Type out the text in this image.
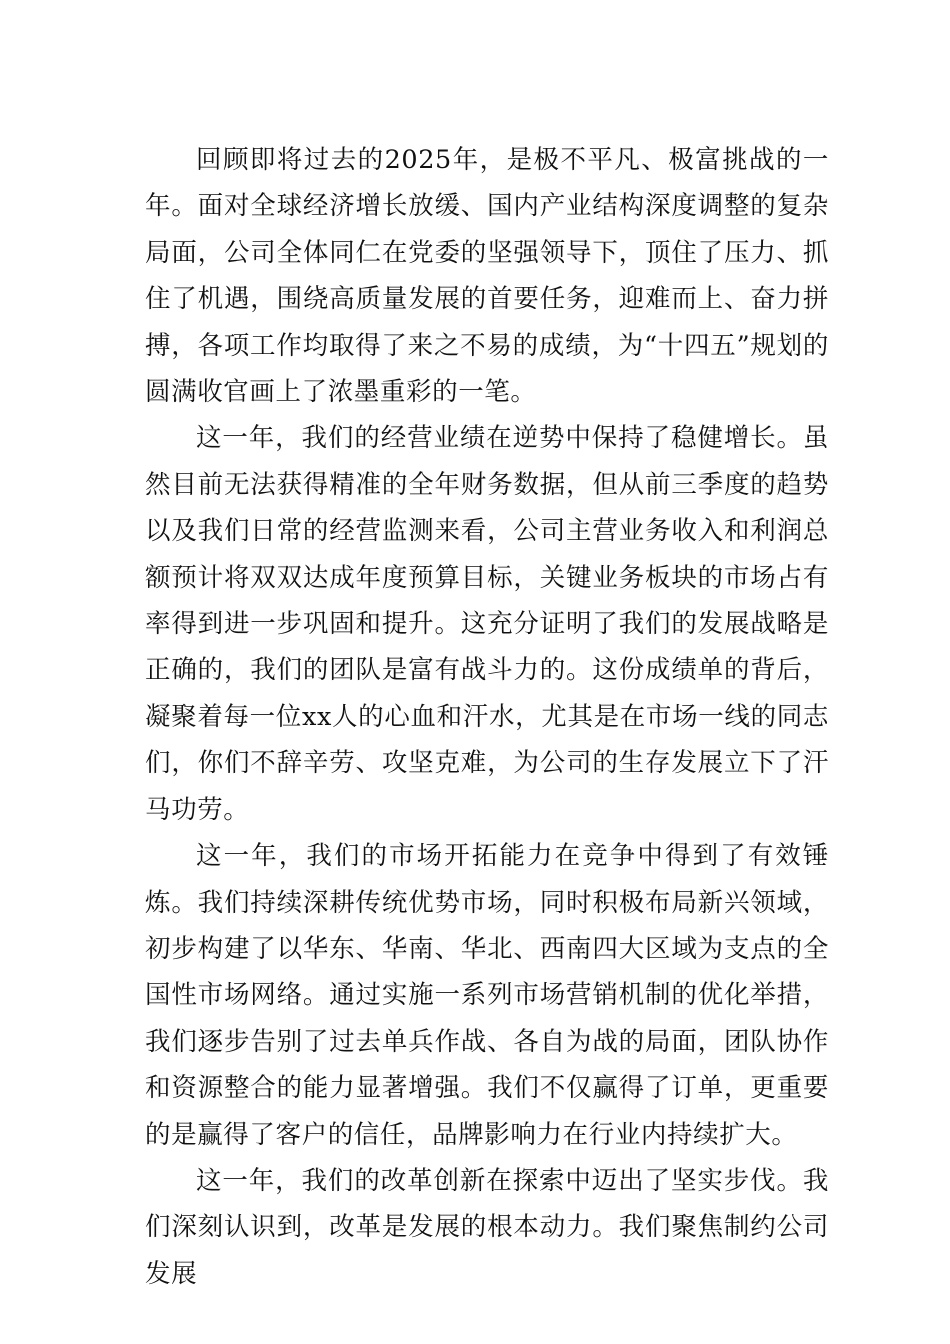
回顾即将过去的2025年，是极不平凡、极富挑战的一年。面对全球经济增长放缓、国内产业结构深度调整的复杂局面，公司全体同仁在党委的坚强领导下，顶住了压力、抓住了机遇，围绕高质量发展的首要任务，迎难而上、奋力拼搏，各项工作均取得了来之不易的成绩，为“十四五”规划的圆满收官画上了浓墨重彩的一笔。

这一年，我们的经营业绩在逆势中保持了稳健增长。虽然目前无法获得精准的全年财务数据，但从前三季度的趋势以及我们日常的经营监测来看，公司主营业务收入和利润总额预计将双双达成年度预算目标，关键业务板块的市场占有率得到进一步巩固和提升。这充分证明了我们的发展战略是正确的，我们的团队是富有战斗力的。这份成绩单的背后，凝聚着每一位xx人的心血和汗水，尤其是在市场一线的同志们，你们不辞辛劳、攻坚克难，为公司的生存发展立下了汗马功劳。

这一年，我们的市场开拓能力在竞争中得到了有效锤炼。我们持续深耕传统优势市场，同时积极布局新兴领域，初步构建了以华东、华南、华北、西南四大区域为支点的全国性市场网络。通过实施一系列市场营销机制的优化举措，我们逐步告别了过去单兵作战、各自为战的局面，团队协作和资源整合的能力显著增强。我们不仅赢得了订单，更重要的是赢得了客户的信任，品牌影响力在行业内持续扩大。

这一年，我们的改革创新在探索中迈出了坚实步伐。我们深刻认识到，改革是发展的根本动力。我们聚焦制约公司发展
